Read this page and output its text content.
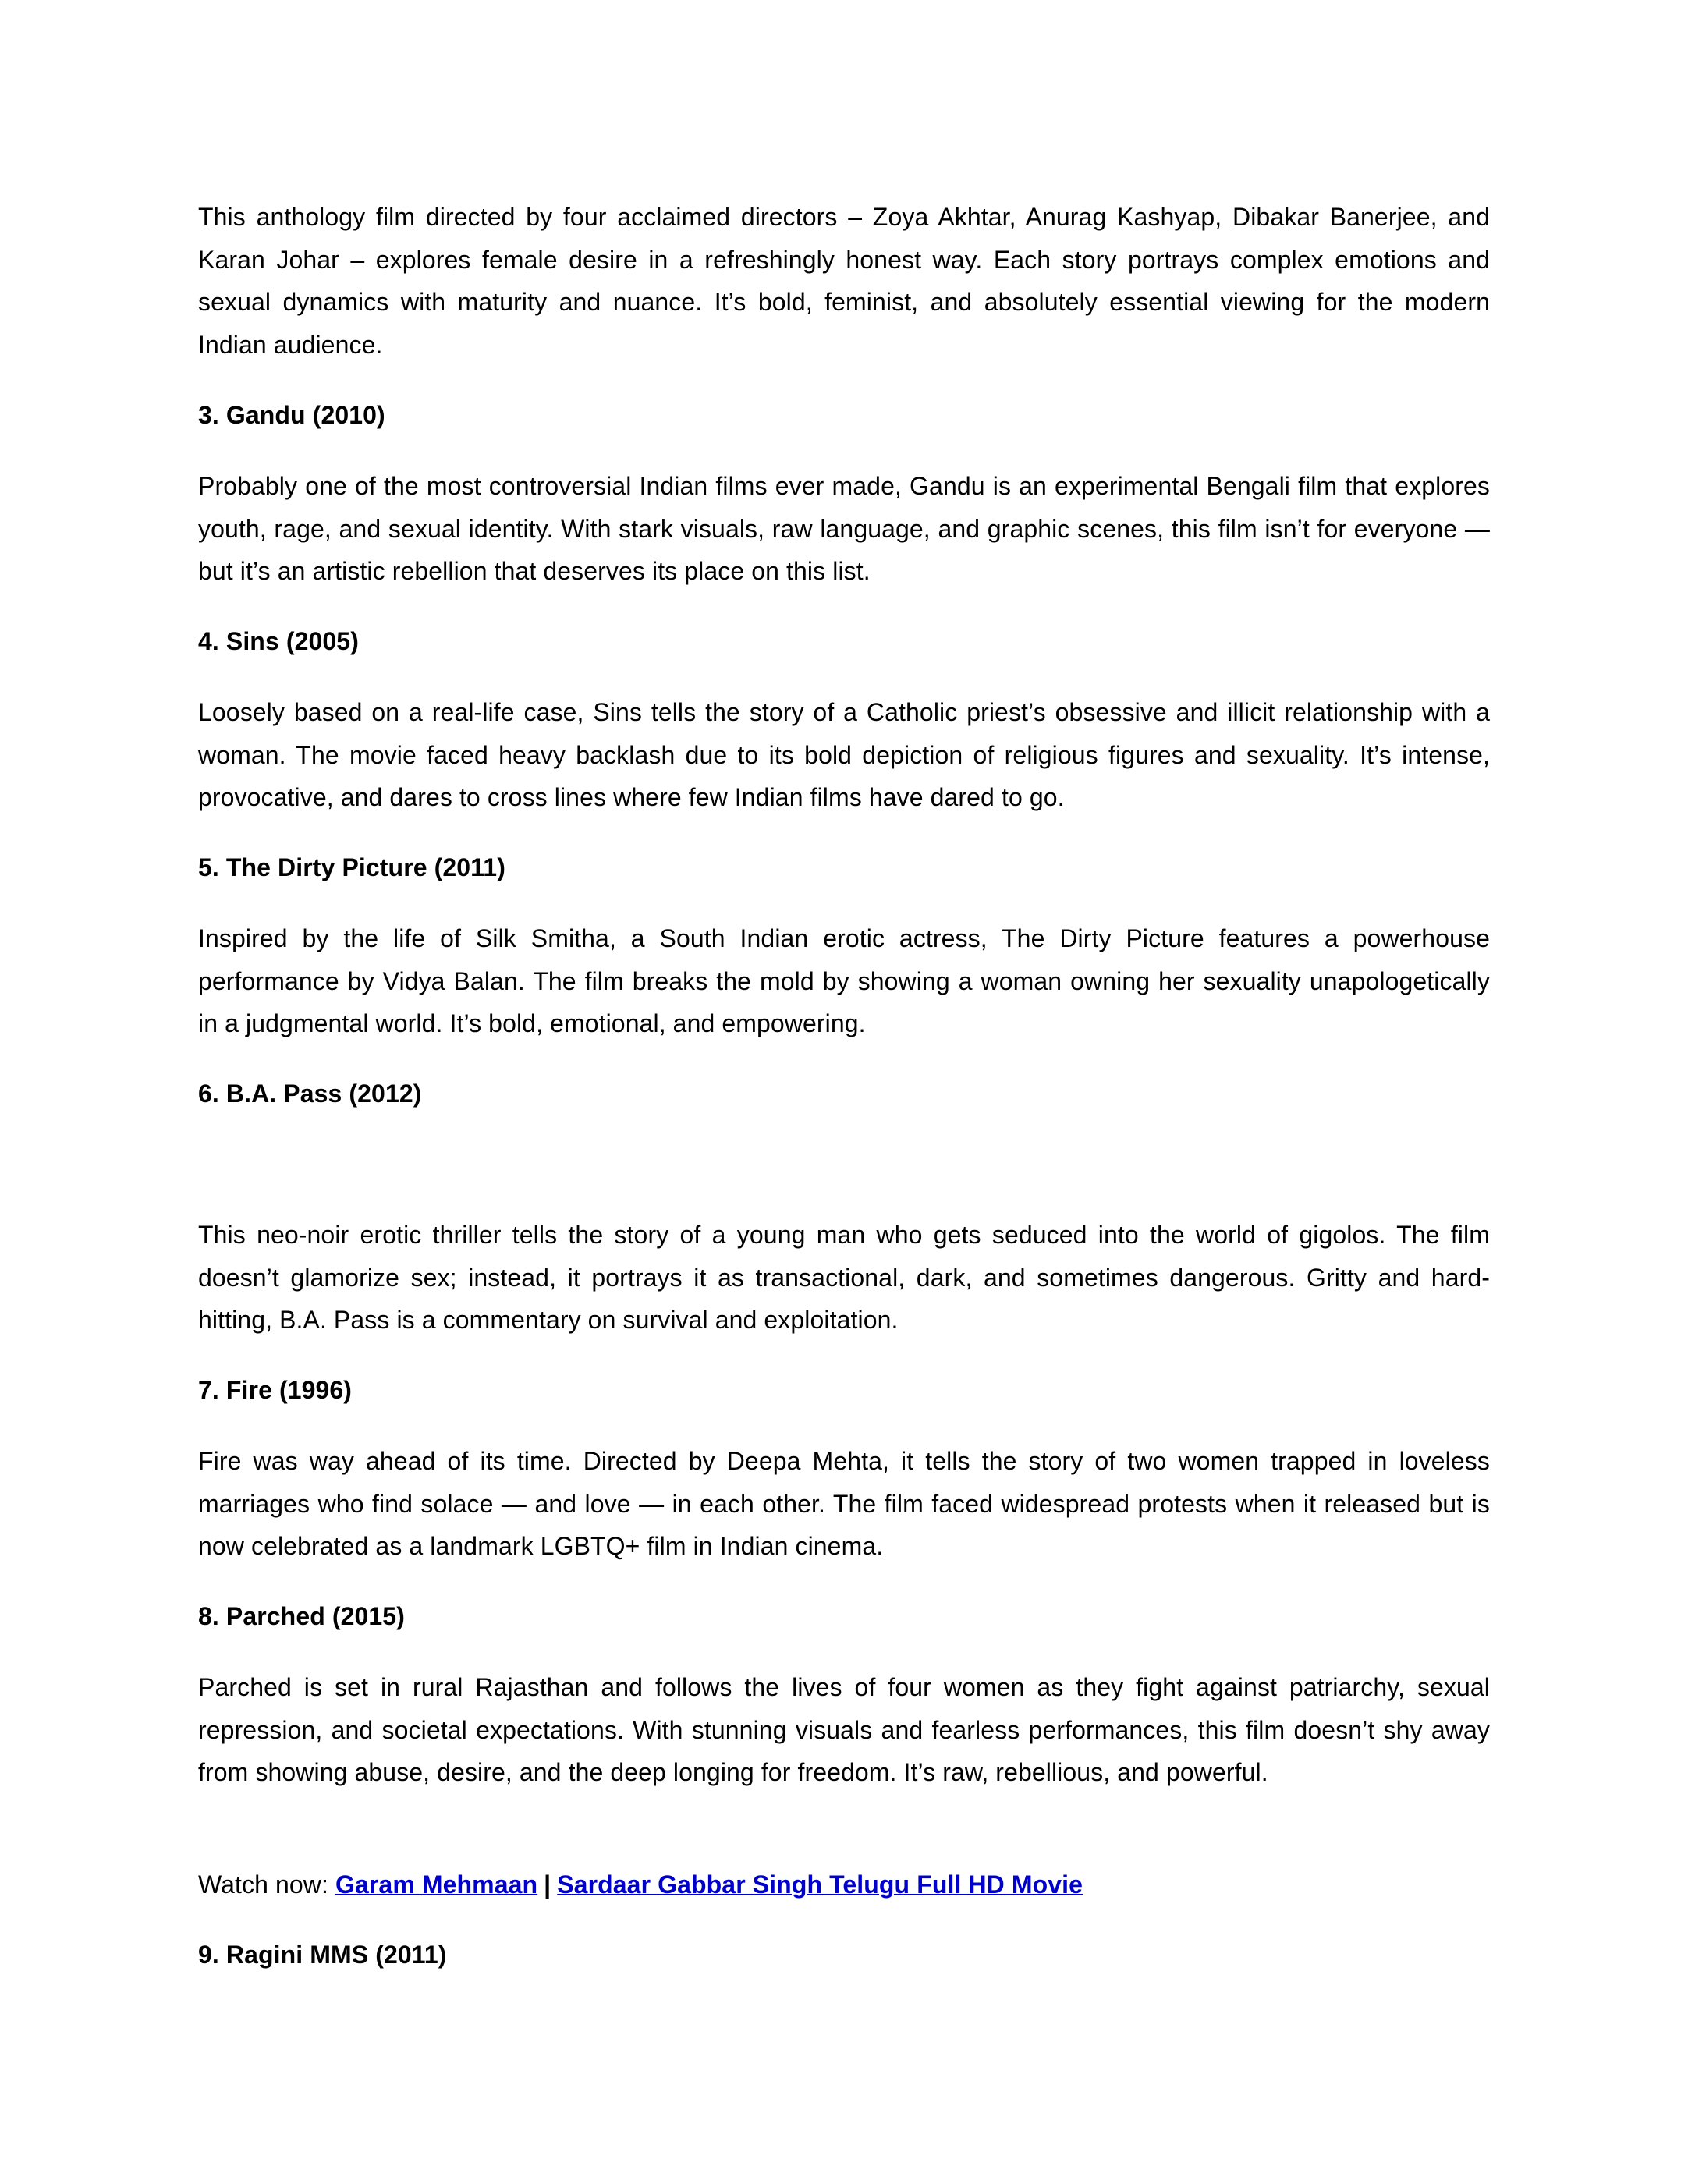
This anthology film directed by four acclaimed directors – Zoya Akhtar, Anurag Kashyap, Dibakar Banerjee, and Karan Johar – explores female desire in a refreshingly honest way. Each story portrays complex emotions and sexual dynamics with maturity and nuance. It’s bold, feminist, and absolutely essential viewing for the modern Indian audience.

3. Gandu (2010)

Probably one of the most controversial Indian films ever made, Gandu is an experimental Bengali film that explores youth, rage, and sexual identity. With stark visuals, raw language, and graphic scenes, this film isn’t for everyone — but it’s an artistic rebellion that deserves its place on this list.

4. Sins (2005)

Loosely based on a real-life case, Sins tells the story of a Catholic priest’s obsessive and illicit relationship with a woman. The movie faced heavy backlash due to its bold depiction of religious figures and sexuality. It’s intense, provocative, and dares to cross lines where few Indian films have dared to go.

5. The Dirty Picture (2011)

Inspired by the life of Silk Smitha, a South Indian erotic actress, The Dirty Picture features a powerhouse performance by Vidya Balan. The film breaks the mold by showing a woman owning her sexuality unapologetically in a judgmental world. It’s bold, emotional, and empowering.

6. B.A. Pass (2012)

This neo-noir erotic thriller tells the story of a young man who gets seduced into the world of gigolos. The film doesn’t glamorize sex; instead, it portrays it as transactional, dark, and sometimes dangerous. Gritty and hard-hitting, B.A. Pass is a commentary on survival and exploitation.

7. Fire (1996)

Fire was way ahead of its time. Directed by Deepa Mehta, it tells the story of two women trapped in loveless marriages who find solace — and love — in each other. The film faced widespread protests when it released but is now celebrated as a landmark LGBTQ+ film in Indian cinema.

8. Parched (2015)

Parched is set in rural Rajasthan and follows the lives of four women as they fight against patriarchy, sexual repression, and societal expectations. With stunning visuals and fearless performances, this film doesn’t shy away from showing abuse, desire, and the deep longing for freedom. It’s raw, rebellious, and powerful.

Watch now: Garam Mehmaan | Sardaar Gabbar Singh Telugu Full HD Movie

9. Ragini MMS (2011)
